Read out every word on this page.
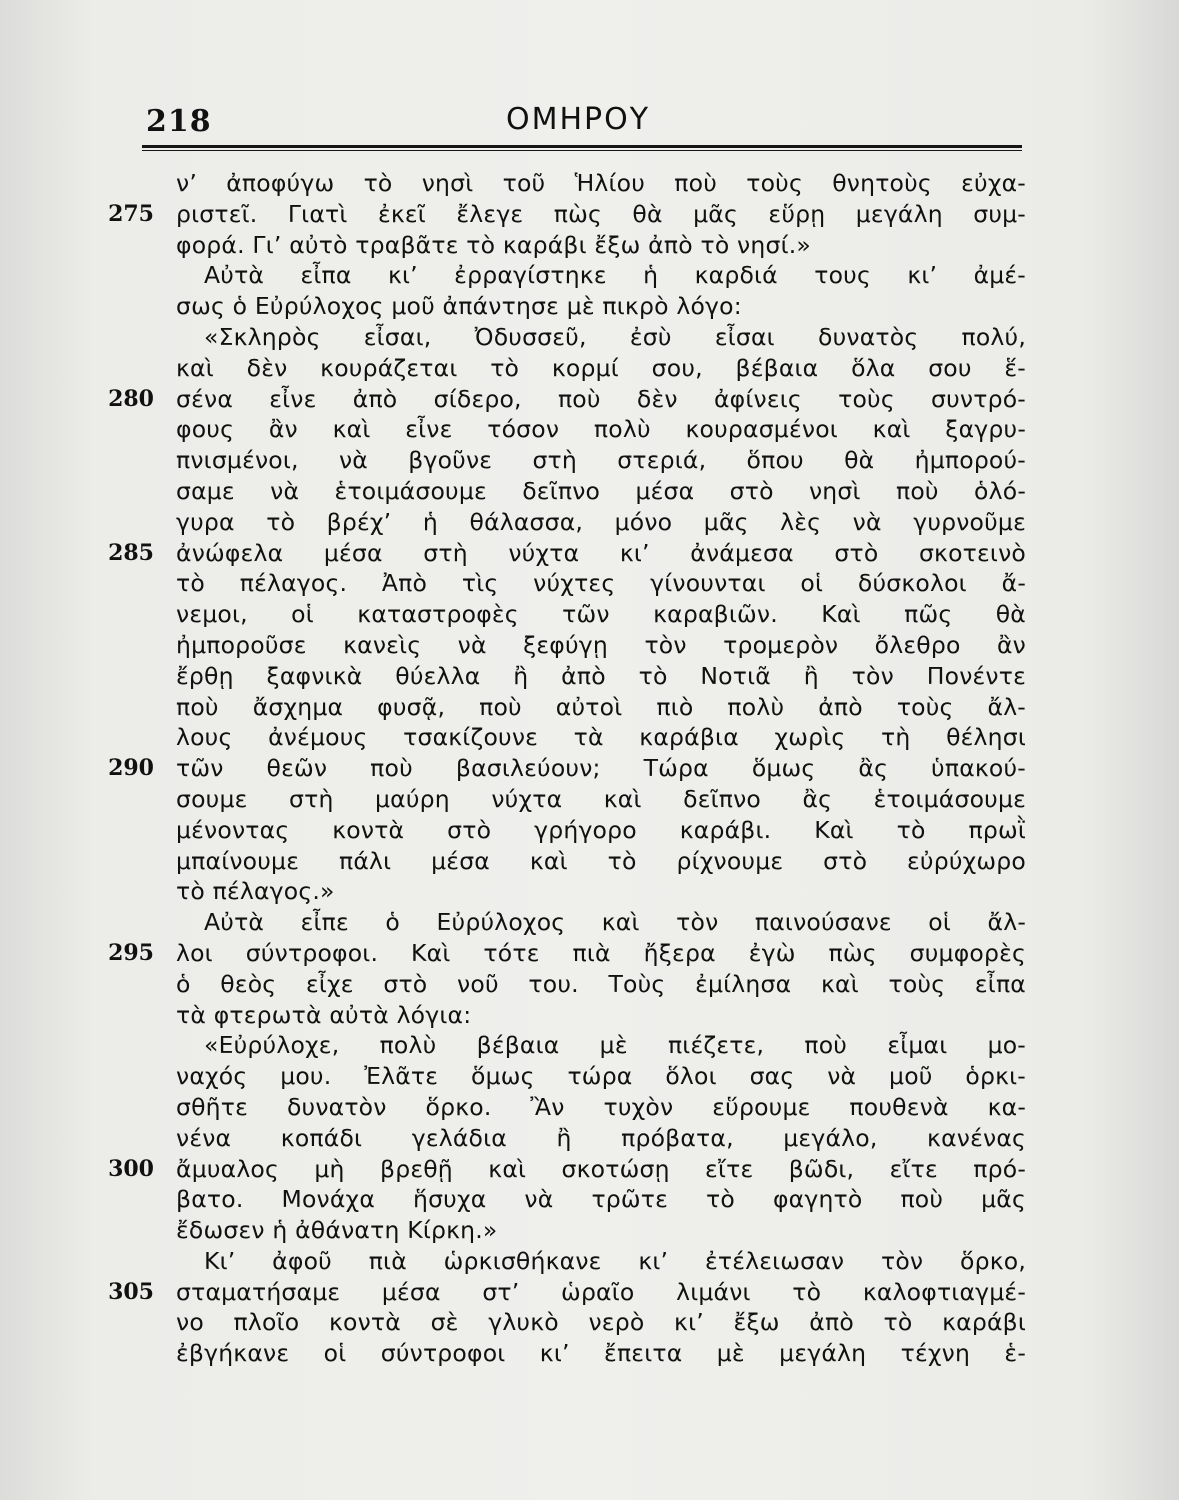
218	ΟΜΗΡΟΥ
ν’ ἀποφύγω τὸ νησὶ τοῦ Ἡλίου ποὺ τοὺς θνητοὺς εὐχα-
275 ριστεῖ. Γιατὶ ἐκεῖ ἔλεγε πὼς θὰ μᾶς εὕρῃ μεγάλη συμ-
φορά. Γι’ αὐτὸ τραβᾶτε τὸ καράβι ἔξω ἀπὸ τὸ νησί.»
Αὐτὰ εἶπα κι’ ἐρραγίστηκε ἡ καρδιά τους κι’ ἀμέ-
σως ὁ Εὐρύλοχος μοῦ ἀπάντησε μὲ πικρὸ λόγο:
«Σκληρὸς εἶσαι, Ὀδυσσεῦ, ἐσὺ εἶσαι δυνατὸς πολύ,
καὶ δὲν κουράζεται τὸ κορμί σου, βέβαια ὅλα σου ἕ-
280 σένα εἶνε ἀπὸ σίδερο, ποὺ δὲν ἀφίνεις τοὺς συντρό-
φους ἂν καὶ εἶνε τόσον πολὺ κουρασμένοι καὶ ξαγρυ-
πνισμένοι, νὰ βγοῦνε στὴ στεριά, ὅπου θὰ ἠμπορού-
σαμε νὰ ἑτοιμάσουμε δεῖπνο μέσα στὸ νησὶ ποὺ ὁλό-
γυρα τὸ βρέχ’ ἡ θάλασσα, μόνο μᾶς λὲς νὰ γυρνοῦμε
285 ἀνώφελα μέσα στὴ νύχτα κι’ ἀνάμεσα στὸ σκοτεινὸ
τὸ πέλαγος. Ἀπὸ τὶς νύχτες γίνουνται οἱ δύσκολοι ἄ-
νεμοι, οἱ καταστροφὲς τῶν καραβιῶν. Καὶ πῶς θὰ
ἠμποροῦσε κανεὶς νὰ ξεφύγῃ τὸν τρομερὸν ὄλεθρο ἂν
ἔρθῃ ξαφνικὰ θύελλα ἢ ἀπὸ τὸ Νοτιᾶ ἢ τὸν Πονέντε
ποὺ ἄσχημα φυσᾷ, ποὺ αὐτοὶ πιὸ πολὺ ἀπὸ τοὺς ἄλ-
λους ἀνέμους τσακίζουνε τὰ καράβια χωρὶς τὴ θέλησι
290 τῶν θεῶν ποὺ βασιλεύουν; Τώρα ὅμως ἂς ὑπακού-
σουμε στὴ μαύρη νύχτα καὶ δεῖπνο ἂς ἑτοιμάσουμε
μένοντας κοντὰ στὸ γρήγορο καράβι. Καὶ τὸ πρωῒ
μπαίνουμε πάλι μέσα καὶ τὸ ρίχνουμε στὸ εὐρύχωρο
τὸ πέλαγος.»
Αὐτὰ εἶπε ὁ Εὐρύλοχος καὶ τὸν παινούσανε οἱ ἄλ-
295 λοι σύντροφοι. Καὶ τότε πιὰ ἤξερα ἐγὼ πὼς συμφορὲς
ὁ θεὸς εἶχε στὸ νοῦ του. Τοὺς ἐμίλησα καὶ τοὺς εἶπα
τὰ φτερωτὰ αὐτὰ λόγια:
«Εὐρύλοχε, πολὺ βέβαια μὲ πιέζετε, ποὺ εἶμαι μο-
ναχός μου. Ἐλᾶτε ὅμως τώρα ὅλοι σας νὰ μοῦ ὁρκι-
σθῆτε δυνατὸν ὅρκο. Ἂν τυχὸν εὕρουμε πουθενὰ κα-
νένα κοπάδι γελάδια ἢ πρόβατα, μεγάλο, κανένας
300 ἄμυαλος μὴ βρεθῇ καὶ σκοτώσῃ εἴτε βῶδι, εἴτε πρό-
βατο. Μονάχα ἥσυχα νὰ τρῶτε τὸ φαγητὸ ποὺ μᾶς
ἔδωσεν ἡ ἀθάνατη Κίρκη.»
Κι’ ἀφοῦ πιὰ ὡρκισθήκανε κι’ ἐτέλειωσαν τὸν ὅρκο,
305 σταματήσαμε μέσα στ’ ὡραῖο λιμάνι τὸ καλοφτιαγμέ-
νο πλοῖο κοντὰ σὲ γλυκὸ νερὸ κι’ ἔξω ἀπὸ τὸ καράβι
ἐβγήκανε οἱ σύντροφοι κι’ ἔπειτα μὲ μεγάλη τέχνη ἑ-
